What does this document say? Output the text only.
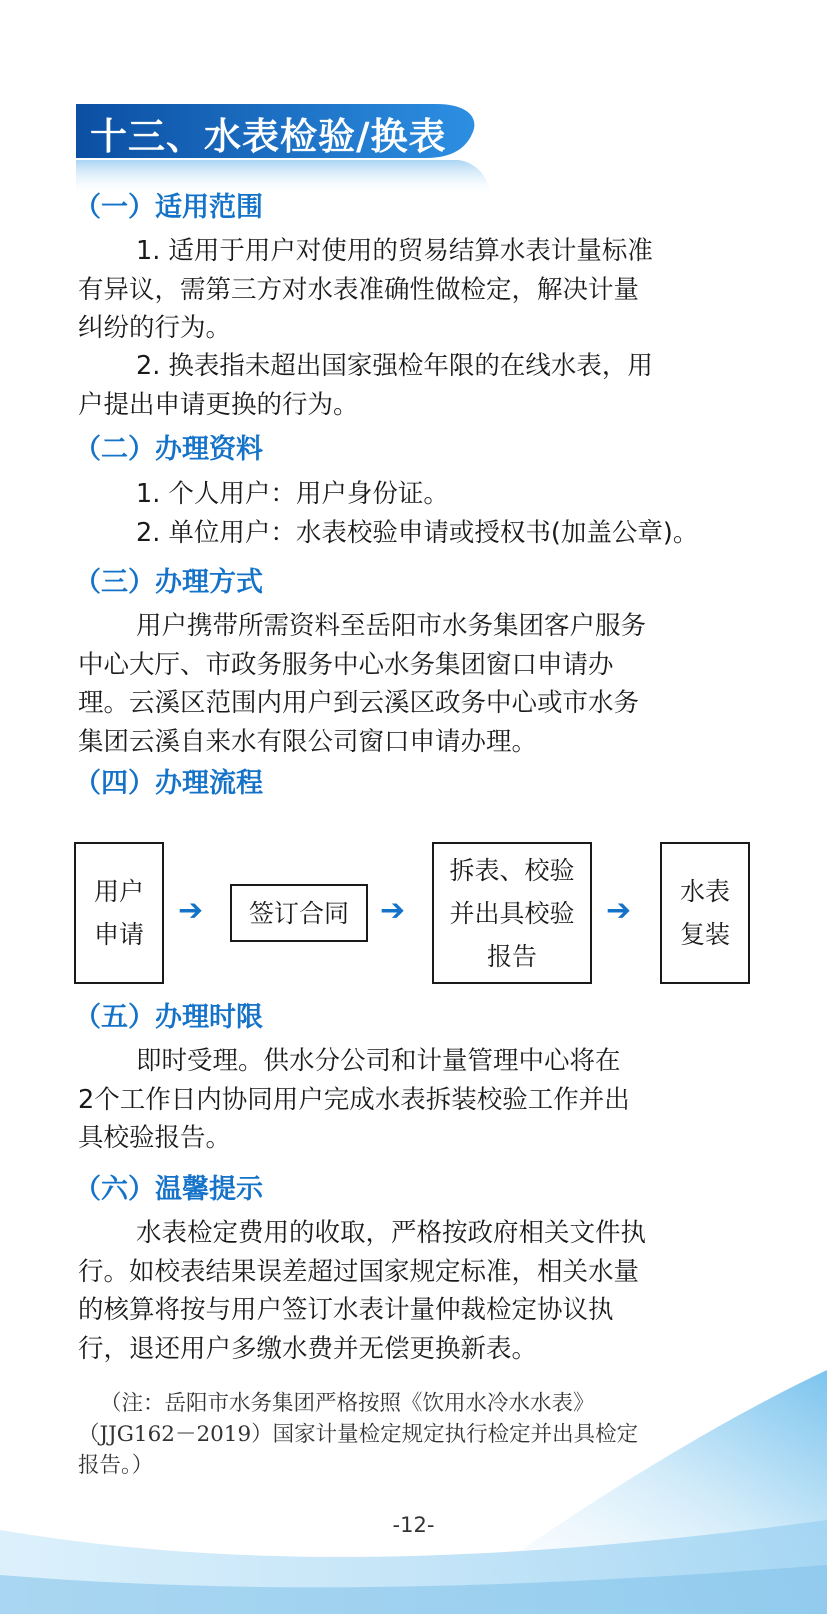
十三、水表检验/换表
（一）适用范围
1. 适用于用户对使用的贸易结算水表计量标准
有异议，需第三方对水表准确性做检定，解决计量
纠纷的行为。
2. 换表指未超出国家强检年限的在线水表，用
户提出申请更换的行为。
（二）办理资料
1. 个人用户：用户身份证。
2. 单位用户：水表校验申请或授权书(加盖公章)。
（三）办理方式
用户携带所需资料至岳阳市水务集团客户服务
中心大厅、市政务服务中心水务集团窗口申请办
理。云溪区范围内用户到云溪区政务中心或市水务
集团云溪自来水有限公司窗口申请办理。
（四）办理流程
用户
申请
➔ 签订合同 ➔
拆表、校验
并出具校验
报告
➔
水表
复装
（五）办理时限
即时受理。供水分公司和计量管理中心将在
2个工作日内协同用户完成水表拆装校验工作并出
具校验报告。
（六）温馨提示
水表检定费用的收取，严格按政府相关文件执
行。如校表结果误差超过国家规定标准，相关水量
的核算将按与用户签订水表计量仲裁检定协议执
行，退还用户多缴水费并无偿更换新表。
（注：岳阳市水务集团严格按照《饮用水冷水水表》
（JJG162－2019）国家计量检定规定执行检定并出具检定
报告。）
-12-
